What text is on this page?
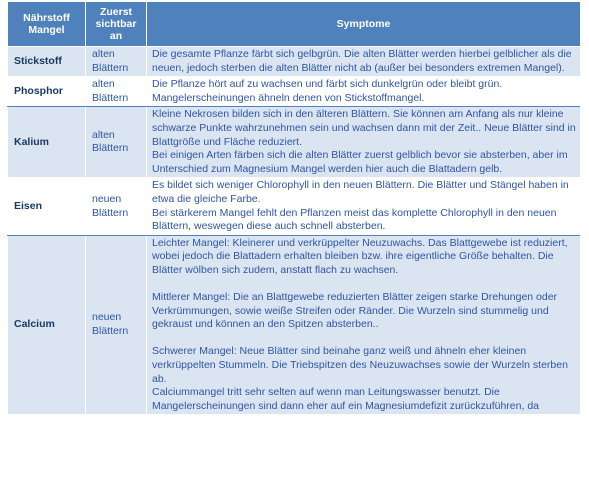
Nährstoff Mangel	Zuerst sichtbar an	Symptome
Stickstoff	alten Blättern	Die gesamte Pflanze färbt sich gelbgrün. Die alten Blätter werden hierbei gelblicher als die neuen, jedoch sterben die alten Blätter nicht ab (außer bei besonders extremen Mangel).

Phosphor	alten Blättern	Die Pflanze hört auf zu wachsen und färbt sich dunkelgrün oder bleibt grün. Mangelerscheinungen ähneln denen von Stickstoffmangel.

Kalium	alten Blättern	Kleine Nekrosen bilden sich in den älteren Blättern. Sie können am Anfang als nur kleine schwarze Punkte wahrzunehmen sein und wachsen dann mit der Zeit.. Neue Blätter sind in Blattgröße und Fläche reduziert.
Bei einigen Arten färben sich die alten Blätter zuerst gelblich bevor sie absterben, aber im Unterschied zum Magnesium Mangel werden hier auch die Blattadern gelb.

Eisen	neuen Blättern	Es bildet sich weniger Chlorophyll in den neuen Blättern. Die Blätter und Stängel haben in etwa die gleiche Farbe.
Bei stärkerem Mangel fehlt den Pflanzen meist das komplette Chlorophyll in den neuen Blättern, weswegen diese auch schnell absterben.

Calcium	neuen Blättern	Leichter Mangel: Kleinerer und verkrüppelter Neuzuwachs. Das Blattgewebe ist reduziert, wobei jedoch die Blattadern erhalten bleiben bzw. ihre eigentliche Größe behalten. Die Blätter wölben sich zudem, anstatt flach zu wachsen.
Mittlerer Mangel: Die an Blattgewebe reduzierten Blätter zeigen starke Drehungen oder Verkrümmungen, sowie weiße Streifen oder Ränder. Die Wurzeln sind stummelig und gekraust und können an den Spitzen absterben..
Schwerer Mangel: Neue Blätter sind beinahe ganz weiß und ähneln eher kleinen verkrüppelten Stummeln. Die Triebspitzen des Neuzuwachses sowie der Wurzeln sterben ab.
Calciummangel tritt sehr selten auf wenn man Leitungswasser benutzt. Die Mangelerscheinungen sind dann eher auf ein Magnesiumdefizit zurückzuführen, da
